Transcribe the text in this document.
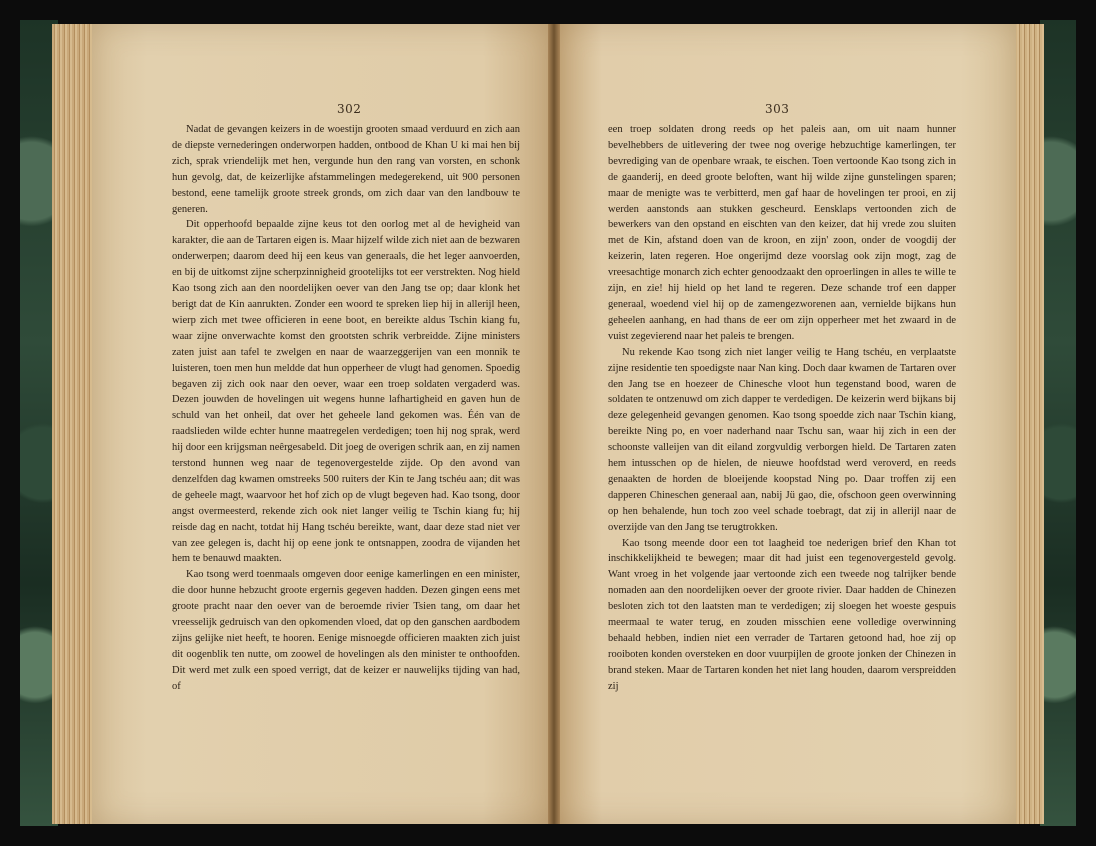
302	303

Nadat de gevangen keizers in de woestijn grooten smaad verduurd en zich aan de diepste vernederingen onderworpen hadden, ontbood de Khan U ki mai hen bij zich, sprak vriendelijk met hen, vergunde hun den rang van vorsten, en schonk hun gevolg, dat, de keizerlijke afstammelingen medegerekend, uit 900 personen bestond, eene tamelijk groote streek gronds, om zich daar van den landbouw te generen.

Dit opperhoofd bepaalde zijne keus tot den oorlog met al de hevigheid van karakter, die aan de Tartaren eigen is. Maar hijzelf wilde zich niet aan de bezwaren onderwerpen; daarom deed hij een keus van generaals, die het leger aanvoerden, en bij de uitkomst zijne scherpzinnigheid grootelijks tot eer verstrekten. Nog hield Kao tsong zich aan den noordelijken oever van den Jang tse op; daar klonk het berigt dat de Kin aanrukten. Zonder een woord te spreken liep hij in allerijl heen, wierp zich met twee officieren in eene boot, en bereikte aldus Tschin kiang fu, waar zijne onverwachte komst den grootsten schrik verbreidde. Zijne ministers zaten juist aan tafel te zwelgen en naar de waarzeggerijen van een monnik te luisteren, toen men hun meldde dat hun opperheer de vlugt had genomen. Spoedig begaven zij zich ook naar den oever, waar een troep soldaten vergaderd was. Dezen jouwden de hovelingen uit wegens hunne lafhartigheid en gaven hun de schuld van het onheil, dat over het geheele land gekomen was. Één van de raadslieden wilde echter hunne maatregelen verdedigen; toen hij nog sprak, werd hij door een krijgsman neêrgesabeld. Dit joeg de overigen schrik aan, en zij namen terstond hunnen weg naar de tegenovergestelde zijde. Op den avond van denzelfden dag kwamen omstreeks 500 ruiters der Kin te Jang tschéu aan; dit was de geheele magt, waarvoor het hof zich op de vlugt begeven had. Kao tsong, door angst overmeesterd, rekende zich ook niet langer veilig te Tschin kiang fu; hij reisde dag en nacht, totdat hij Hang tschéu bereikte, want, daar deze stad niet ver van zee gelegen is, dacht hij op eene jonk te ontsnappen, zoodra de vijanden het hem te benauwd maakten.

Kao tsong werd toenmaals omgeven door eenige kamerlingen en een minister, die door hunne hebzucht groote ergernis gegeven hadden. Dezen gingen eens met groote pracht naar den oever van de beroemde rivier Tsien tang, om daar het vreesselijk gedruisch van den opkomenden vloed, dat op den ganschen aardbodem zijns gelijke niet heeft, te hooren. Eenige misnoegde officieren maakten zich juist dit oogenblik ten nutte, om zoowel de hovelingen als den minister te onthoofden. Dit werd met zulk een spoed verrigt, dat de keizer er nauwelijks tijding van had, of

een troep soldaten drong reeds op het paleis aan, om uit naam hunner bevelhebbers de uitlevering der twee nog overige hebzuchtige kamerlingen, ter bevrediging van de openbare wraak, te eischen. Toen vertoonde Kao tsong zich in de gaanderij, en deed groote beloften, want hij wilde zijne gunstelingen sparen; maar de menigte was te verbitterd, men gaf haar de hovelingen ter prooi, en zij werden aanstonds aan stukken gescheurd. Eensklaps vertoonden zich de bewerkers van den opstand en eischten van den keizer, dat hij vrede zou sluiten met de Kin, afstand doen van de kroon, en zijn' zoon, onder de voogdij der keizerin, laten regeren. Hoe ongerijmd deze voorslag ook zijn mogt, zag de vreesachtige monarch zich echter genoodzaakt den oproerlingen in alles te wille te zijn, en zie! hij hield op het land te regeren. Deze schande trof een dapper generaal, woedend viel hij op de zamengezworenen aan, vernielde bijkans hun geheelen aanhang, en had thans de eer om zijn opperheer met het zwaard in de vuist zegevierend naar het paleis te brengen.

Nu rekende Kao tsong zich niet langer veilig te Hang tschéu, en verplaatste zijne residentie ten spoedigste naar Nan king. Doch daar kwamen de Tartaren over den Jang tse en hoezeer de Chinesche vloot hun tegenstand bood, waren de soldaten te ontzenuwd om zich dapper te verdedigen. De keizerin werd bijkans bij deze gelegenheid gevangen genomen. Kao tsong spoedde zich naar Tschin kiang, bereikte Ning po, en voer naderhand naar Tschu san, waar hij zich in een der schoonste valleijen van dit eiland zorgvuldig verborgen hield. De Tartaren zaten hem intusschen op de hielen, de nieuwe hoofdstad werd veroverd, en reeds genaakten de horden de bloeijende koopstad Ning po. Daar troffen zij een dapperen Chineschen generaal aan, nabij Jü gao, die, ofschoon geen overwinning op hen behalende, hun toch zoo veel schade toebragt, dat zij in allerijl naar de overzijde van den Jang tse terugtrokken.

Kao tsong meende door een tot laagheid toe nederigen brief den Khan tot inschikkelijkheid te bewegen; maar dit had juist een tegenovergesteld gevolg. Want vroeg in het volgende jaar vertoonde zich een tweede nog talrijker bende nomaden aan den noordelijken oever der groote rivier. Daar hadden de Chinezen besloten zich tot den laatsten man te verdedigen; zij sloegen het woeste gespuis meermaal te water terug, en zouden misschien eene volledige overwinning behaald hebben, indien niet een verrader de Tartaren getoond had, hoe zij op rooiboten konden oversteken en door vuurpijlen de groote jonken der Chinezen in brand steken. Maar de Tartaren konden het niet lang houden, daarom verspreidden zij
